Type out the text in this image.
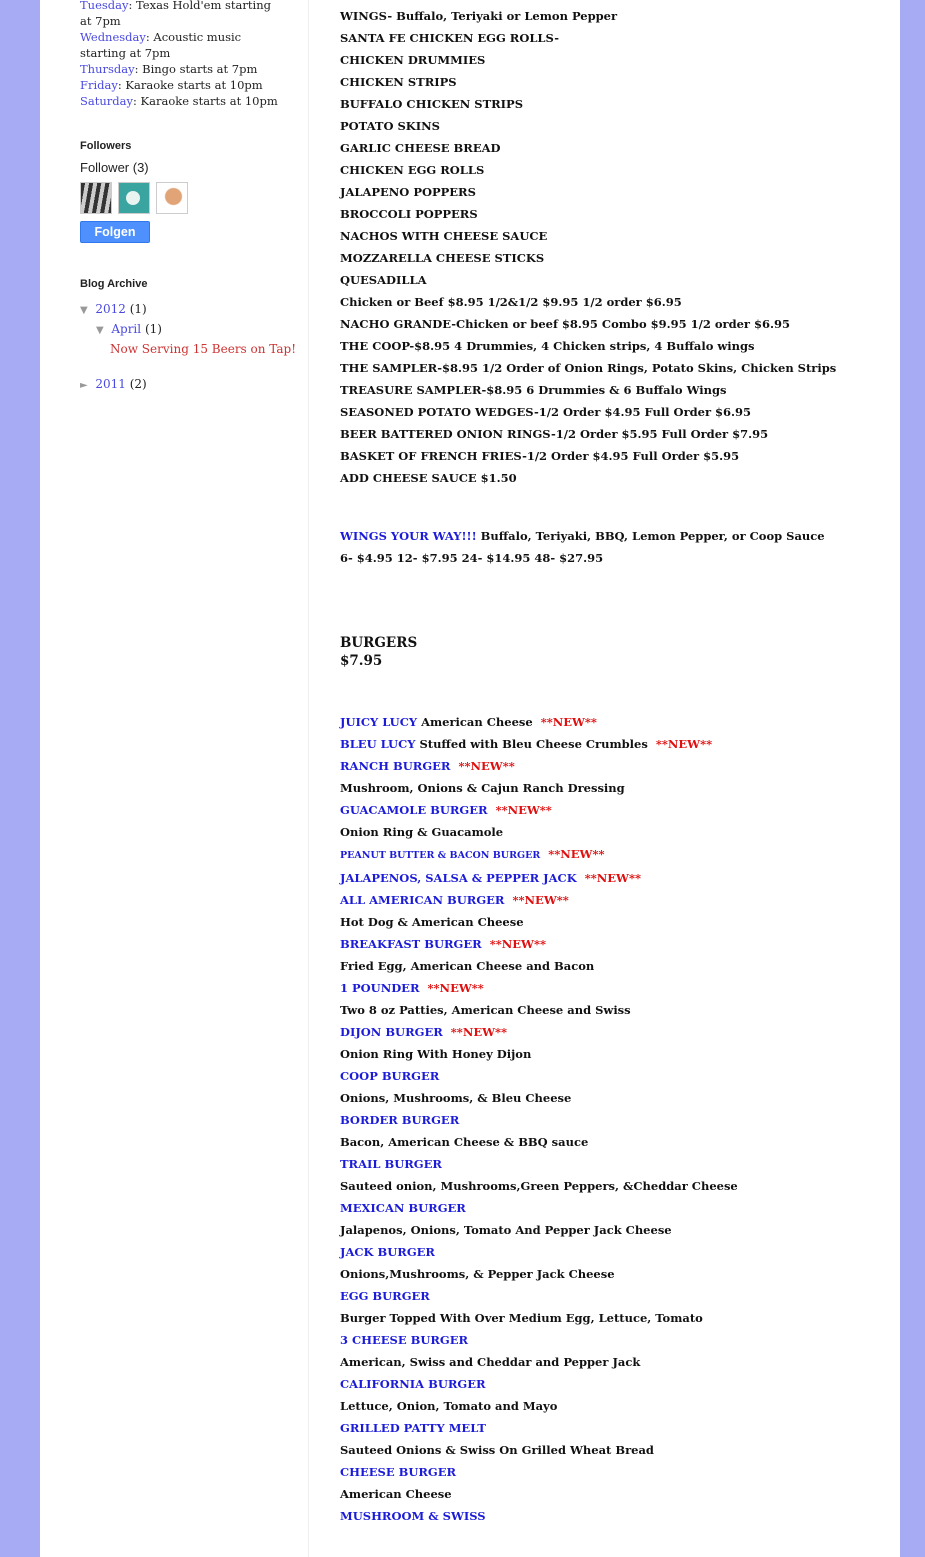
Tuesday: Texas Hold'em starting at 7pm

Wednesday: Acoustic music starting at 7pm

Thursday: Bingo starts at 7pm

Friday: Karaoke starts at 10pm

Saturday: Karaoke starts at 10pm

Followers

Follower (3)

Folgen

Blog Archive

▼ 2012 (1)
▼ April (1)
Now Serving 15 Beers on Tap!
► 2011 (2)

WINGS- Buffalo, Teriyaki or Lemon Pepper

SANTA FE CHICKEN EGG ROLLS-

CHICKEN DRUMMIES

CHICKEN STRIPS

BUFFALO CHICKEN STRIPS

POTATO SKINS

GARLIC CHEESE BREAD

CHICKEN EGG ROLLS

JALAPENO POPPERS

BROCCOLI POPPERS

NACHOS WITH CHEESE SAUCE

MOZZARELLA CHEESE STICKS

QUESADILLA

Chicken or Beef $8.95 1/2&1/2 $9.95 1/2 order $6.95

NACHO GRANDE-Chicken or beef $8.95 Combo $9.95 1/2 order $6.95

THE COOP-$8.95 4 Drummies, 4 Chicken strips, 4 Buffalo wings

THE SAMPLER-$8.95 1/2 Order of Onion Rings, Potato Skins, Chicken Strips

TREASURE SAMPLER-$8.95 6 Drummies & 6 Buffalo Wings

SEASONED POTATO WEDGES-1/2 Order $4.95 Full Order $6.95

BEER BATTERED ONION RINGS-1/2 Order $5.95 Full Order $7.95

BASKET OF FRENCH FRIES-1/2 Order $4.95 Full Order $5.95

ADD CHEESE SAUCE $1.50

WINGS YOUR WAY!!! Buffalo, Teriyaki, BBQ, Lemon Pepper, or Coop Sauce

6- $4.95 12- $7.95 24- $14.95 48- $27.95

BURGERS

$7.95

JUICY LUCY American Cheese **NEW**

BLEU LUCY Stuffed with Bleu Cheese Crumbles **NEW**

RANCH BURGER **NEW**

Mushroom, Onions & Cajun Ranch Dressing

GUACAMOLE BURGER **NEW**

Onion Ring & Guacamole

PEANUT BUTTER & BACON BURGER **NEW**

JALAPENOS, SALSA & PEPPER JACK **NEW**

ALL AMERICAN BURGER **NEW**

Hot Dog & American Cheese

BREAKFAST BURGER **NEW**

Fried Egg, American Cheese and Bacon

1 POUNDER **NEW**

Two 8 oz Patties, American Cheese and Swiss

DIJON BURGER **NEW**

Onion Ring With Honey Dijon

COOP BURGER

Onions, Mushrooms, & Bleu Cheese

BORDER BURGER

Bacon, American Cheese & BBQ sauce

TRAIL BURGER

Sauteed onion, Mushrooms,Green Peppers, &Cheddar Cheese

MEXICAN BURGER

Jalapenos, Onions, Tomato And Pepper Jack Cheese

JACK BURGER

Onions,Mushrooms, & Pepper Jack Cheese

EGG BURGER

Burger Topped With Over Medium Egg, Lettuce, Tomato

3 CHEESE BURGER

American, Swiss and Cheddar and Pepper Jack

CALIFORNIA BURGER

Lettuce, Onion, Tomato and Mayo

GRILLED PATTY MELT

Sauteed Onions & Swiss On Grilled Wheat Bread

CHEESE BURGER

American Cheese

MUSHROOM & SWISS
